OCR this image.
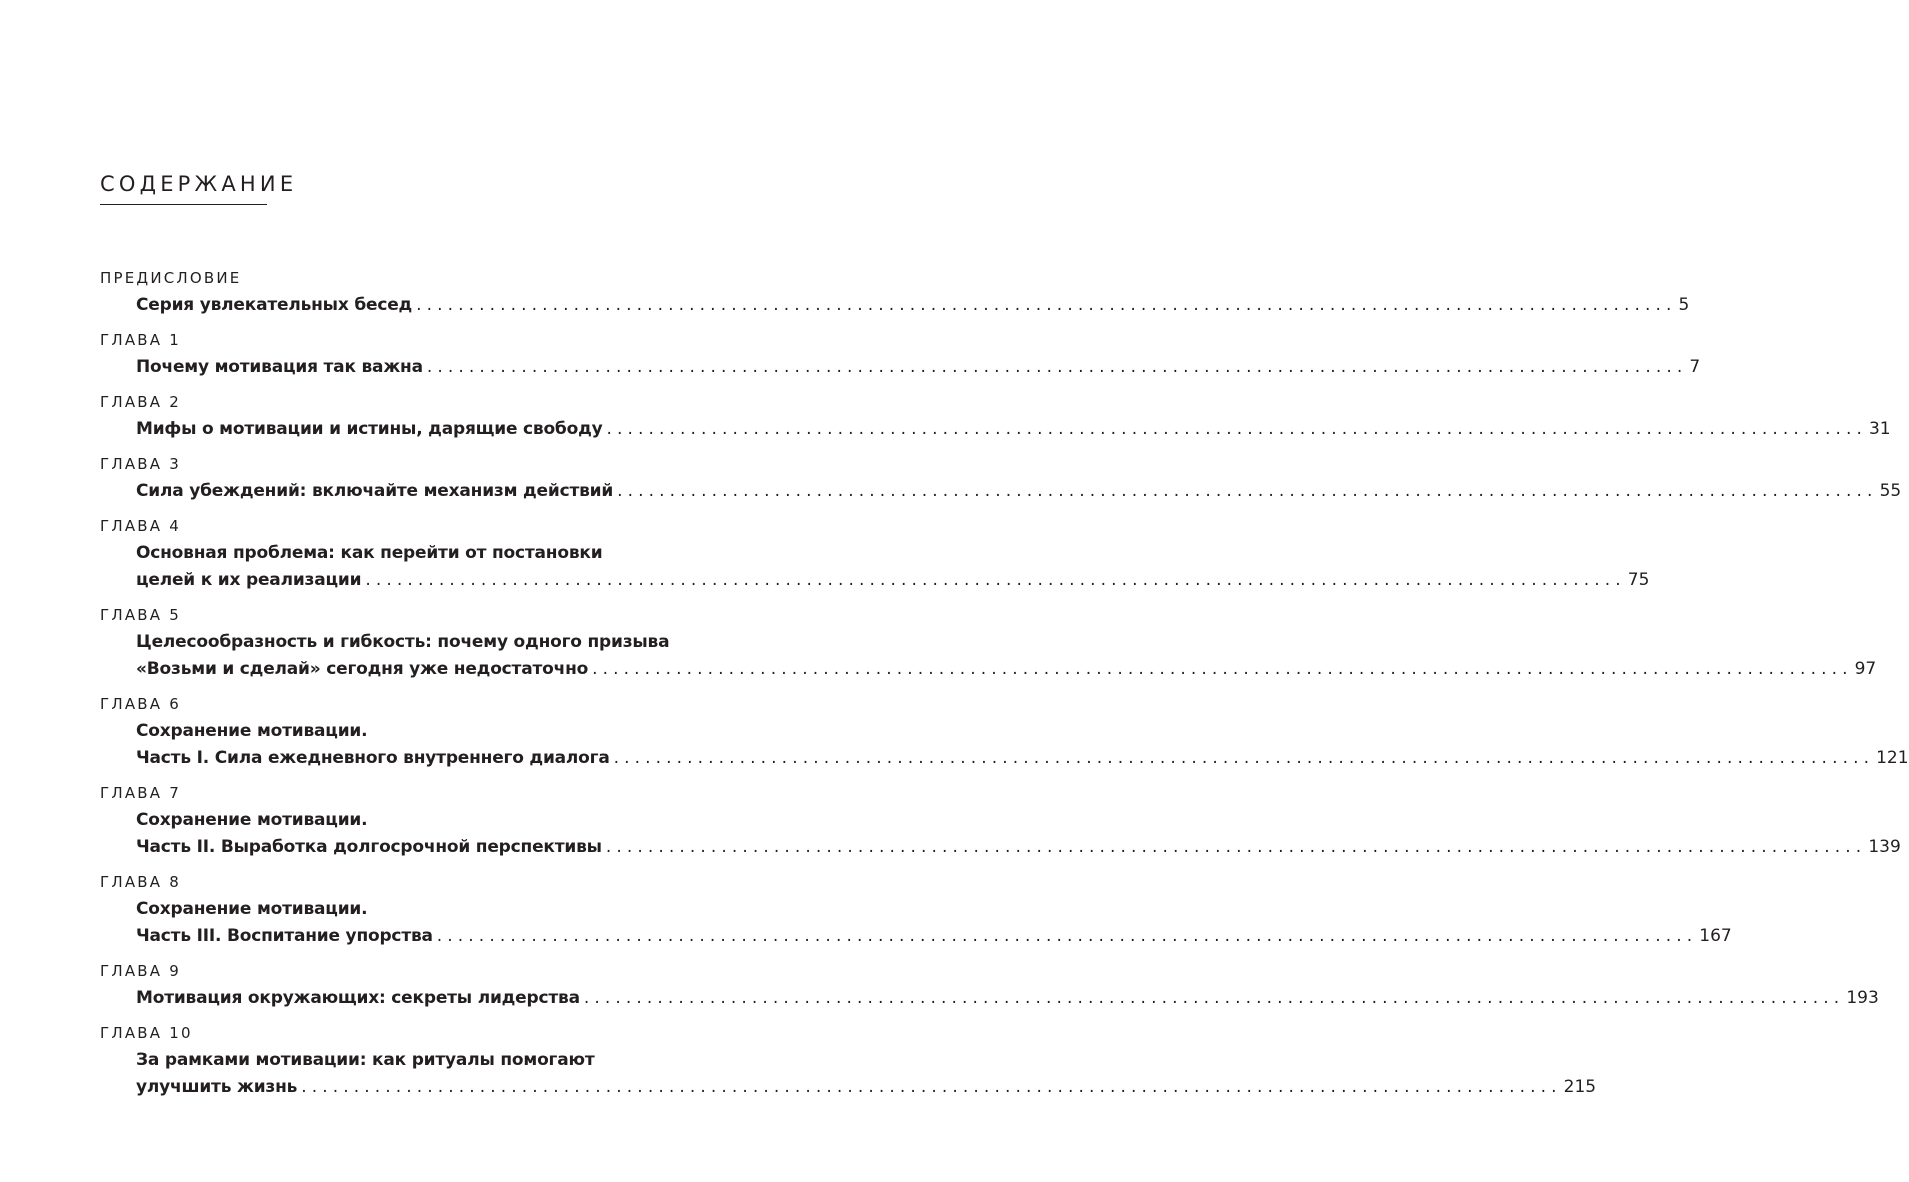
СОДЕРЖАНИЕ
ПРЕДИСЛОВИЕ
Серия увлекательных бесед ........................................................................................................................ 5
ГЛАВА 1
Почему мотивация так важна ........................................................................................................................ 7
ГЛАВА 2
Мифы о мотивации и истины, дарящие свободу ........................................................................................................................ 31
ГЛАВА 3
Сила убеждений: включайте механизм действий ........................................................................................................................ 55
ГЛАВА 4
Основная проблема: как перейти от постановки
целей к их реализации ........................................................................................................................ 75
ГЛАВА 5
Целесообразность и гибкость: почему одного призыва
«Возьми и сделай» сегодня уже недостаточно ........................................................................................................................ 97
ГЛАВА 6
Сохранение мотивации.
Часть I. Сила ежедневного внутреннего диалога ........................................................................................................................ 121
ГЛАВА 7
Сохранение мотивации.
Часть II. Выработка долгосрочной перспективы ........................................................................................................................ 139
ГЛАВА 8
Сохранение мотивации.
Часть III. Воспитание упорства ........................................................................................................................ 167
ГЛАВА 9
Мотивация окружающих: секреты лидерства ........................................................................................................................ 193
ГЛАВА 10
За рамками мотивации: как ритуалы помогают
улучшить жизнь ........................................................................................................................ 215
